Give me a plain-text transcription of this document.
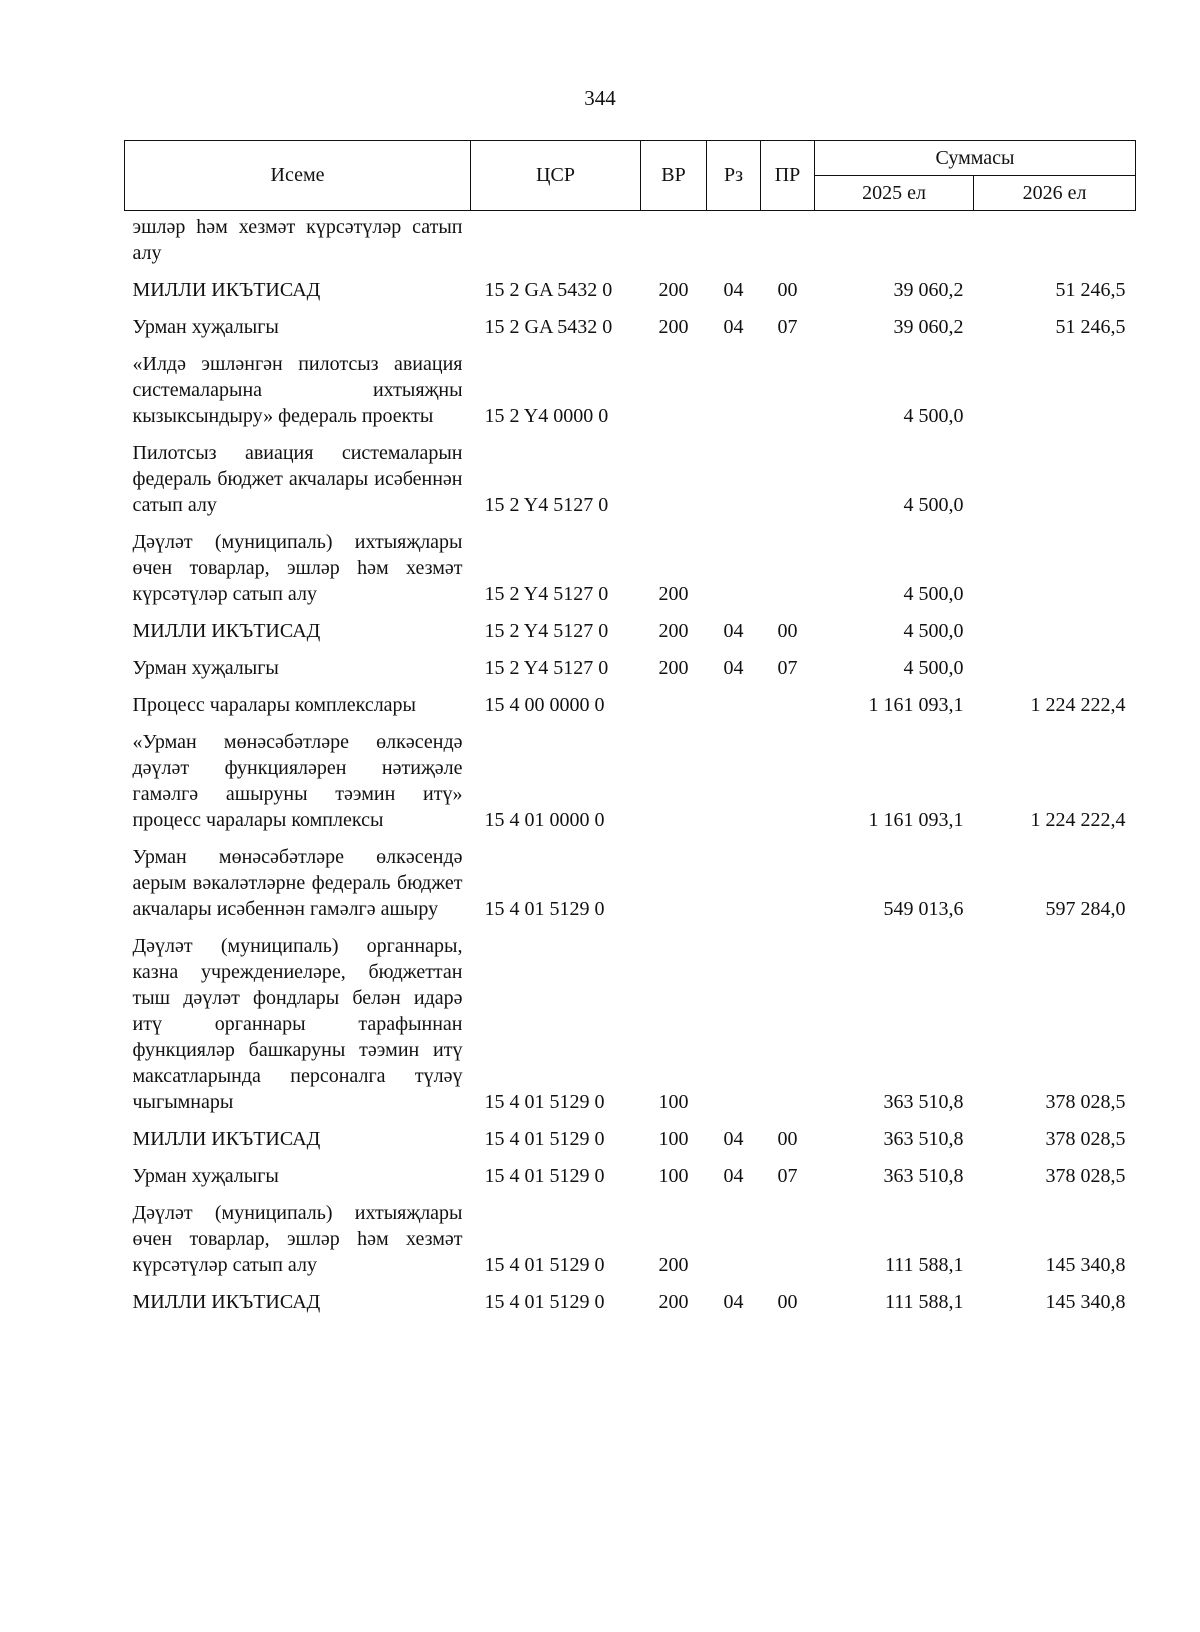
344
Исеме	ЦСР	ВР	Рз	ПР	Суммасы	
					2025 ел	2026 ел
эшләр һәм хезмәт күрсәтүләр сатып алу						
МИЛЛИ ИКЪТИСАД	15 2 GA 5432 0	200	04	00	39 060,2	51 246,5
Урман хуҗалыгы	15 2 GA 5432 0	200	04	07	39 060,2	51 246,5
«Илдә эшләнгән пилотсыз авиация системаларына ихтыяҗны кызыксындыру» федераль проекты	15 2 Y4 0000 0				4 500,0	
Пилотсыз авиация системаларын федераль бюджет акчалары исәбеннән сатып алу	15 2 Y4 5127 0				4 500,0	
Дәүләт (муниципаль) ихтыяҗлары өчен товарлар, эшләр һәм хезмәт күрсәтүләр сатып алу	15 2 Y4 5127 0	200			4 500,0	
МИЛЛИ ИКЪТИСАД	15 2 Y4 5127 0	200	04	00	4 500,0	
Урман хуҗалыгы	15 2 Y4 5127 0	200	04	07	4 500,0	
Процесс чаралары комплекслары	15 4 00 0000 0				1 161 093,1	1 224 222,4
«Урман мөнәсәбәтләре өлкәсендә дәүләт функцияләрен нәтиҗәле гамәлгә ашыруны тәэмин итү» процесс чаралары комплексы	15 4 01 0000 0				1 161 093,1	1 224 222,4
Урман мөнәсәбәтләре өлкәсендә аерым вәкаләтләрне федераль бюджет акчалары исәбеннән гамәлгә ашыру	15 4 01 5129 0				549 013,6	597 284,0
Дәүләт (муниципаль) органнары, казна учреждениеләре, бюджеттан тыш дәүләт фондлары белән идарә итү органнары тарафыннан функцияләр башкаруны тәэмин итү максатларында персоналга түләү чыгымнары	15 4 01 5129 0	100			363 510,8	378 028,5
МИЛЛИ ИКЪТИСАД	15 4 01 5129 0	100	04	00	363 510,8	378 028,5
Урман хуҗалыгы	15 4 01 5129 0	100	04	07	363 510,8	378 028,5
Дәүләт (муниципаль) ихтыяҗлары өчен товарлар, эшләр һәм хезмәт күрсәтүләр сатып алу	15 4 01 5129 0	200			111 588,1	145 340,8
МИЛЛИ ИКЪТИСАД	15 4 01 5129 0	200	04	00	111 588,1	145 340,8
